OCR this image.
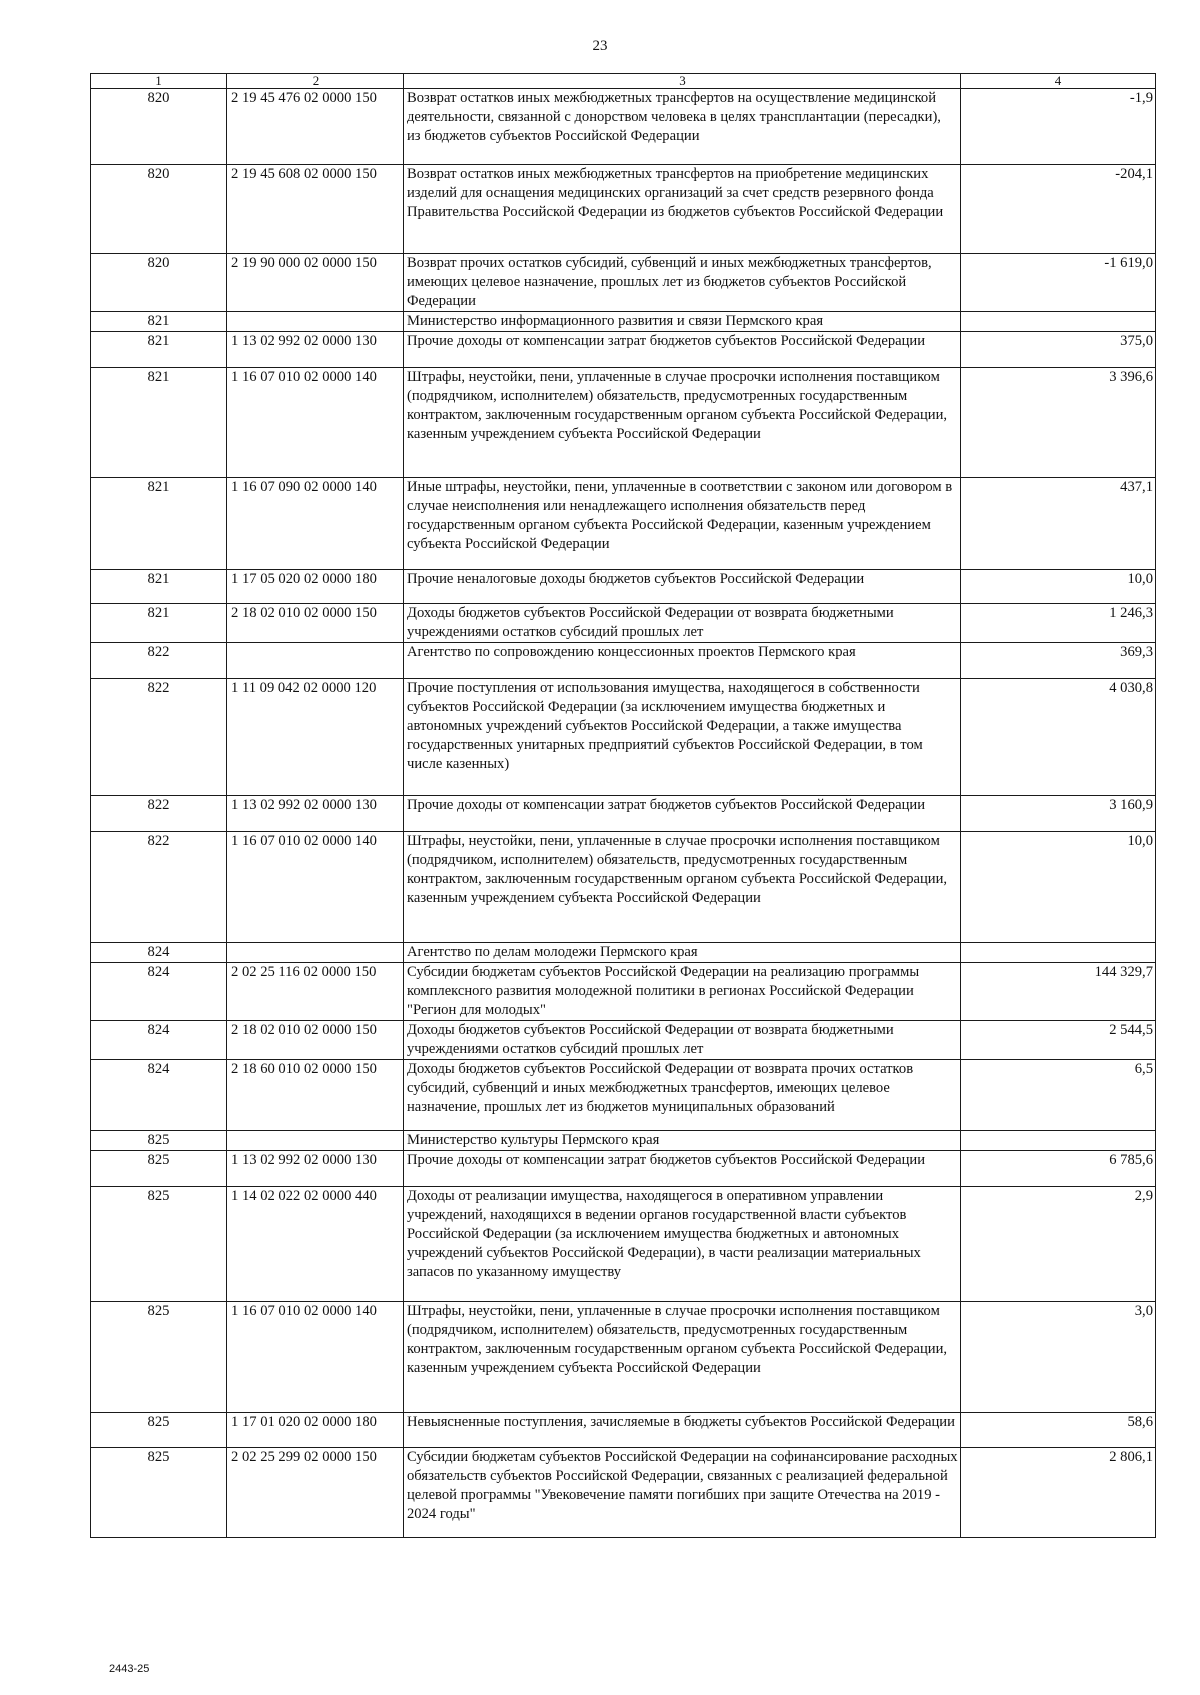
23
1	2	3	4
820	2 19 45 476 02 0000 150	Возврат остатков иных межбюджетных трансфертов на осуществление медицинской деятельности, связанной с донорством человека в целях трансплантации (пересадки), из бюджетов субъектов Российской Федерации	-1,9
820	2 19 45 608 02 0000 150	Возврат остатков иных межбюджетных трансфертов на приобретение медицинских изделий для оснащения медицинских организаций за счет средств резервного фонда Правительства Российской Федерации из бюджетов субъектов Российской Федерации	-204,1
820	2 19 90 000 02 0000 150	Возврат прочих остатков субсидий, субвенций и иных межбюджетных трансфертов, имеющих целевое назначение, прошлых лет из бюджетов субъектов Российской Федерации	-1 619,0
821		Министерство информационного развития и связи Пермского края	
821	1 13 02 992 02 0000 130	Прочие доходы от компенсации затрат бюджетов субъектов Российской Федерации	375,0
821	1 16 07 010 02 0000 140	Штрафы, неустойки, пени, уплаченные в случае просрочки исполнения поставщиком (подрядчиком, исполнителем) обязательств, предусмотренных государственным контрактом, заключенным государственным органом субъекта Российской Федерации, казенным учреждением субъекта Российской Федерации	3 396,6
821	1 16 07 090 02 0000 140	Иные штрафы, неустойки, пени, уплаченные в соответствии с законом или договором в случае неисполнения или ненадлежащего исполнения обязательств перед государственным органом субъекта Российской Федерации, казенным учреждением субъекта Российской Федерации	437,1
821	1 17 05 020 02 0000 180	Прочие неналоговые доходы бюджетов субъектов Российской Федерации	10,0
821	2 18 02 010 02 0000 150	Доходы бюджетов субъектов Российской Федерации от возврата бюджетными учреждениями остатков субсидий прошлых лет	1 246,3
822		Агентство по сопровождению концессионных проектов Пермского края	369,3
822	1 11 09 042 02 0000 120	Прочие поступления от использования имущества, находящегося в собственности субъектов Российской Федерации (за исключением имущества бюджетных и автономных учреждений субъектов Российской Федерации, а также имущества государственных унитарных предприятий субъектов Российской Федерации, в том числе казенных)	4 030,8
822	1 13 02 992 02 0000 130	Прочие доходы от компенсации затрат бюджетов субъектов Российской Федерации	3 160,9
822	1 16 07 010 02 0000 140	Штрафы, неустойки, пени, уплаченные в случае просрочки исполнения поставщиком (подрядчиком, исполнителем) обязательств, предусмотренных государственным контрактом, заключенным государственным органом субъекта Российской Федерации, казенным учреждением субъекта Российской Федерации	10,0
824		Агентство по делам молодежи Пермского края	
824	2 02 25 116 02 0000 150	Субсидии бюджетам субъектов Российской Федерации на реализацию программы комплексного развития молодежной политики в регионах Российской Федерации "Регион для молодых"	144 329,7
824	2 18 02 010 02 0000 150	Доходы бюджетов субъектов Российской Федерации от возврата бюджетными учреждениями остатков субсидий прошлых лет	2 544,5
824	2 18 60 010 02 0000 150	Доходы бюджетов субъектов Российской Федерации от возврата прочих остатков субсидий, субвенций и иных межбюджетных трансфертов, имеющих целевое назначение, прошлых лет из бюджетов муниципальных образований	6,5
825		Министерство культуры Пермского края	
825	1 13 02 992 02 0000 130	Прочие доходы от компенсации затрат бюджетов субъектов Российской Федерации	6 785,6
825	1 14 02 022 02 0000 440	Доходы от реализации имущества, находящегося в оперативном управлении учреждений, находящихся в ведении органов государственной власти субъектов Российской Федерации (за исключением имущества бюджетных и автономных учреждений субъектов Российской Федерации), в части реализации материальных запасов по указанному имуществу	2,9
825	1 16 07 010 02 0000 140	Штрафы, неустойки, пени, уплаченные в случае просрочки исполнения поставщиком (подрядчиком, исполнителем) обязательств, предусмотренных государственным контрактом, заключенным государственным органом субъекта Российской Федерации, казенным учреждением субъекта Российской Федерации	3,0
825	1 17 01 020 02 0000 180	Невыясненные поступления, зачисляемые в бюджеты субъектов Российской Федерации	58,6
825	2 02 25 299 02 0000 150	Субсидии бюджетам субъектов Российской Федерации на софинансирование расходных обязательств субъектов Российской Федерации, связанных с реализацией федеральной целевой программы "Увековечение памяти погибших при защите Отечества на 2019 - 2024 годы"	2 806,1
2443-25
